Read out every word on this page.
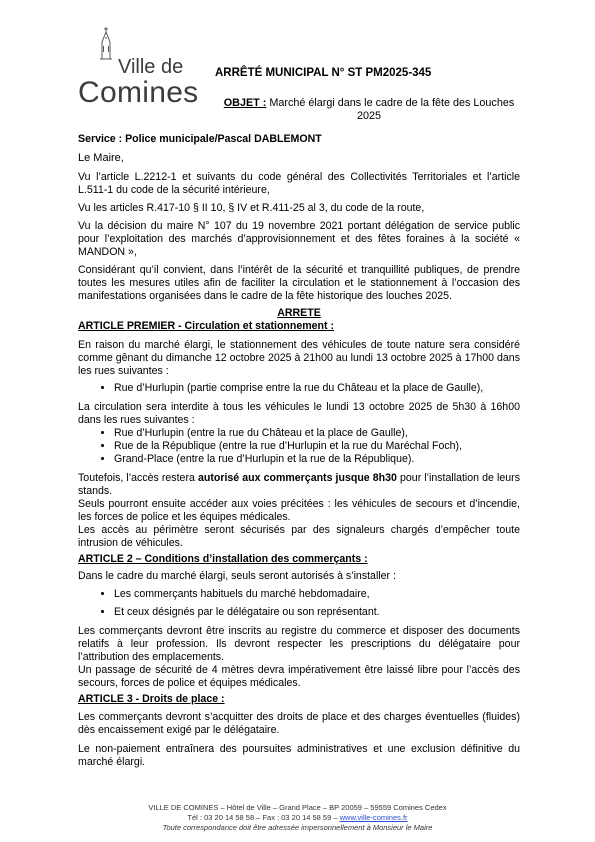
Ville de
Comines
ARRÊTÉ MUNICIPAL N° ST PM2025-345
OBJET : Marché élargi dans le cadre de la fête des Louches
2025

Service : Police municipale/Pascal DABLEMONT

Le Maire,

Vu l’article L.2212-1 et suivants du code général des Collectivités Territoriales et l’article L.511-1 du code de la sécurité intérieure,

Vu les articles R.417-10 § II 10, § IV et R.411-25 al 3, du code de la route,

Vu la décision du maire N° 107 du 19 novembre 2021 portant délégation de service public pour l’exploitation des marchés d’approvisionnement et des fêtes foraines à la société « MANDON »,

Considérant qu’il convient, dans l’intérêt de la sécurité et tranquillité publiques, de prendre toutes les mesures utiles afin de faciliter la circulation et le stationnement à l’occasion des manifestations organisées dans le cadre de la fête historique des louches 2025.

ARRETE

ARTICLE PREMIER - Circulation et stationnement :

En raison du marché élargi, le stationnement des véhicules de toute nature sera considéré comme gênant du dimanche 12 octobre 2025 à 21h00 au lundi 13 octobre 2025 à 17h00 dans les rues suivantes :

• Rue d’Hurlupin (partie comprise entre la rue du Château et la place de Gaulle),

La circulation sera interdite à tous les véhicules le lundi 13 octobre 2025 de 5h30 à 16h00 dans les rues suivantes :

• Rue d’Hurlupin (entre la rue du Château et la place de Gaulle),
• Rue de la République (entre la rue d’Hurlupin et la rue du Maréchal Foch),
• Grand-Place (entre la rue d’Hurlupin et la rue de la République).

Toutefois, l’accès restera autorisé aux commerçants jusque 8h30 pour l’installation de leurs stands.

Seuls pourront ensuite accéder aux voies précitées : les véhicules de secours et d’incendie, les forces de police et les équipes médicales.

Les accès au périmètre seront sécurisés par des signaleurs chargés d’empêcher toute intrusion de véhicules.

ARTICLE 2 – Conditions d’installation des commerçants :

Dans le cadre du marché élargi, seuls seront autorisés à s’installer :

• Les commerçants habituels du marché hebdomadaire,
• Et ceux désignés par le délégataire ou son représentant.

Les commerçants devront être inscrits au registre du commerce et disposer des documents relatifs à leur profession. Ils devront respecter les prescriptions du délégataire pour l’attribution des emplacements.

Un passage de sécurité de 4 mètres devra impérativement être laissé libre pour l’accès des secours, forces de police et équipes médicales.

ARTICLE 3 - Droits de place :

Les commerçants devront s’acquitter des droits de place et des charges éventuelles (fluides) dès encaissement exigé par le délégataire.

Le non-paiement entraînera des poursuites administratives et une exclusion définitive du marché élargi.

VILLE DE COMINES – Hôtel de Ville – Grand Place – BP 20059 – 59559 Comines Cedex
Tél : 03 20 14 58 58 – Fax : 03 20 14 58 59 – www.ville-comines.fr
Toute correspondance doit être adressée impersonnellement à Monsieur le Maire
